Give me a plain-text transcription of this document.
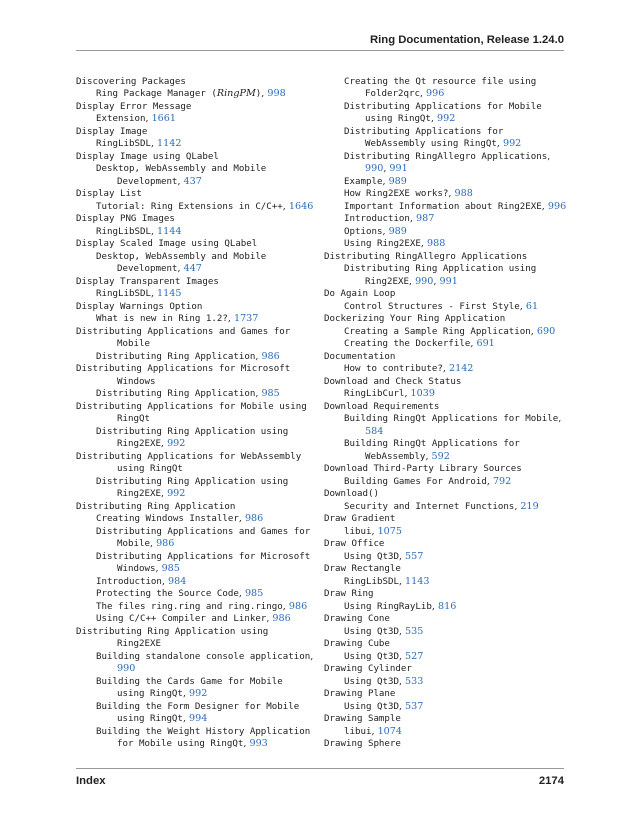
Ring Documentation, Release 1.24.0
Discovering Packages
Ring Package Manager (RingPM), 998
Display Error Message
Extension, 1661
Display Image
RingLibSDL, 1142
Display Image using QLabel
Desktop, WebAssembly and Mobile
Development, 437
Display List
Tutorial: Ring Extensions in C/C++, 1646
Display PNG Images
RingLibSDL, 1144
Display Scaled Image using QLabel
Desktop, WebAssembly and Mobile
Development, 447
Display Transparent Images
RingLibSDL, 1145
Display Warnings Option
What is new in Ring 1.2?, 1737
Distributing Applications and Games for
Mobile
Distributing Ring Application, 986
Distributing Applications for Microsoft
Windows
Distributing Ring Application, 985
Distributing Applications for Mobile using
RingQt
Distributing Ring Application using
Ring2EXE, 992
Distributing Applications for WebAssembly
using RingQt
Distributing Ring Application using
Ring2EXE, 992
Distributing Ring Application
Creating Windows Installer, 986
Distributing Applications and Games for
Mobile, 986
Distributing Applications for Microsoft
Windows, 985
Introduction, 984
Protecting the Source Code, 985
The files ring.ring and ring.ringo, 986
Using C/C++ Compiler and Linker, 986
Distributing Ring Application using
Ring2EXE
Building standalone console application,
990
Building the Cards Game for Mobile
using RingQt, 992
Building the Form Designer for Mobile
using RingQt, 994
Building the Weight History Application
for Mobile using RingQt, 993
Creating the Qt resource file using
Folder2qrc, 996
Distributing Applications for Mobile
using RingQt, 992
Distributing Applications for
WebAssembly using RingQt, 992
Distributing RingAllegro Applications,
990, 991
Example, 989
How Ring2EXE works?, 988
Important Information about Ring2EXE, 996
Introduction, 987
Options, 989
Using Ring2EXE, 988
Distributing RingAllegro Applications
Distributing Ring Application using
Ring2EXE, 990, 991
Do Again Loop
Control Structures - First Style, 61
Dockerizing Your Ring Application
Creating a Sample Ring Application, 690
Creating the Dockerfile, 691
Documentation
How to contribute?, 2142
Download and Check Status
RingLibCurl, 1039
Download Requirements
Building RingQt Applications for Mobile,
584
Building RingQt Applications for
WebAssembly, 592
Download Third-Party Library Sources
Building Games For Android, 792
Download()
Security and Internet Functions, 219
Draw Gradient
libui, 1075
Draw Office
Using Qt3D, 557
Draw Rectangle
RingLibSDL, 1143
Draw Ring
Using RingRayLib, 816
Drawing Cone
Using Qt3D, 535
Drawing Cube
Using Qt3D, 527
Drawing Cylinder
Using Qt3D, 533
Drawing Plane
Using Qt3D, 537
Drawing Sample
libui, 1074
Drawing Sphere
Index	2174
